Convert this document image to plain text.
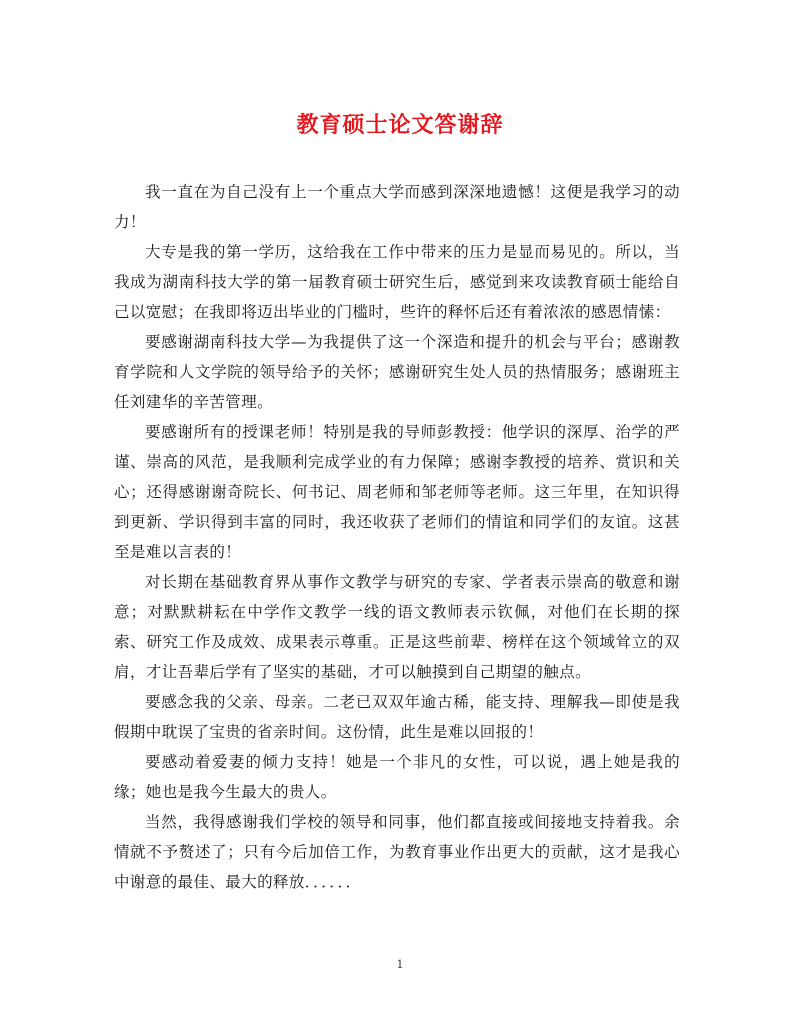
教育硕士论文答谢辞

我一直在为自己没有上一个重点大学而感到深深地遗憾！这便是我学习的动力！

大专是我的第一学历，这给我在工作中带来的压力是显而易见的。所以，当我成为湖南科技大学的第一届教育硕士研究生后，感觉到来攻读教育硕士能给自己以宽慰；在我即将迈出毕业的门槛时，些许的释怀后还有着浓浓的感恩情愫：

要感谢湖南科技大学—为我提供了这一个深造和提升的机会与平台；感谢教育学院和人文学院的领导给予的关怀；感谢研究生处人员的热情服务；感谢班主任刘建华的辛苦管理。

要感谢所有的授课老师！特别是我的导师彭教授：他学识的深厚、治学的严谨、崇高的风范，是我顺利完成学业的有力保障；感谢李教授的培养、赏识和关心；还得感谢谢奇院长、何书记、周老师和邹老师等老师。这三年里，在知识得到更新、学识得到丰富的同时，我还收获了老师们的情谊和同学们的友谊。这甚至是难以言表的！

对长期在基础教育界从事作文教学与研究的专家、学者表示崇高的敬意和谢意；对默默耕耘在中学作文教学一线的语文教师表示钦佩，对他们在长期的探索、研究工作及成效、成果表示尊重。正是这些前辈、榜样在这个领域耸立的双肩，才让吾辈后学有了坚实的基础，才可以触摸到自己期望的触点。

要感念我的父亲、母亲。二老已双双年逾古稀，能支持、理解我—即使是我假期中耽误了宝贵的省亲时间。这份情，此生是难以回报的！

要感动着爱妻的倾力支持！她是一个非凡的女性，可以说，遇上她是我的缘；她也是我今生最大的贵人。

当然，我得感谢我们学校的领导和同事，他们都直接或间接地支持着我。余情就不予赘述了；只有今后加倍工作，为教育事业作出更大的贡献，这才是我心中谢意的最佳、最大的释放．．．．．．

1
